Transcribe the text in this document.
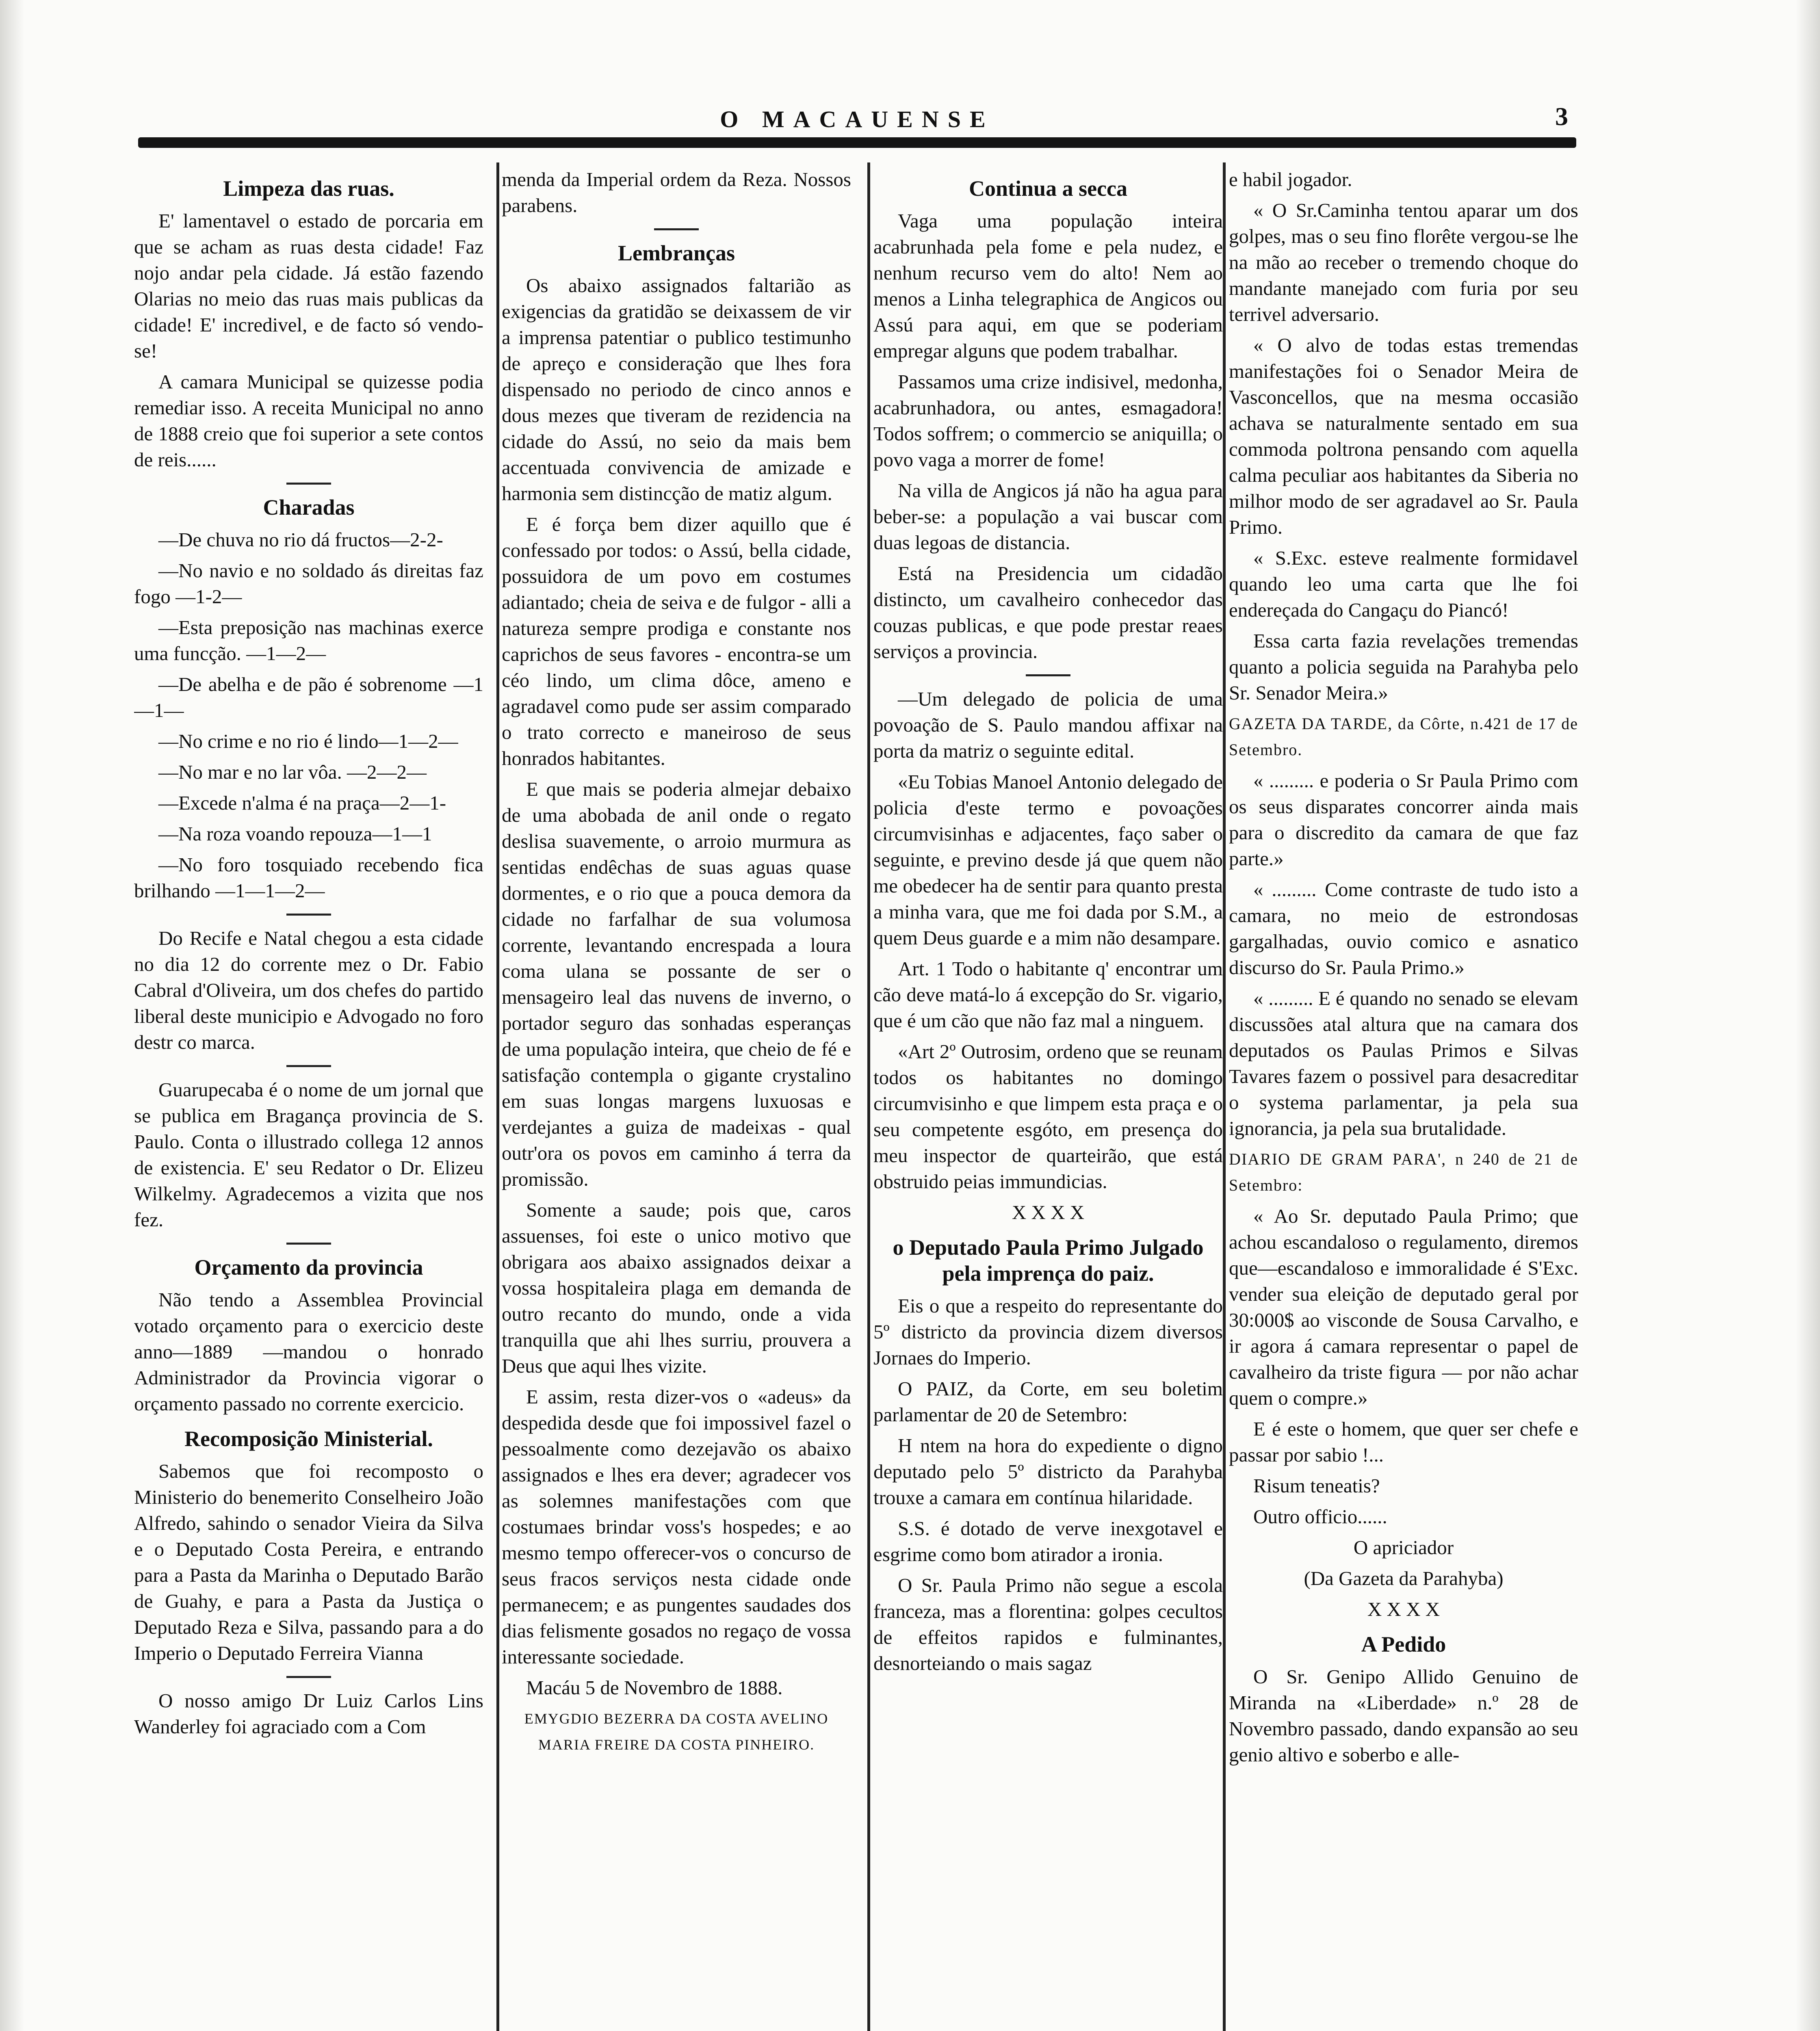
O MACAUENSE	3
Limpeza das ruas.

E' lamentavel o estado de porcaria em que se acham as ruas desta cidade! Faz nojo andar pela cidade. Já estão fazendo Olarias no meio das ruas mais publicas da cidade! E' incredivel, e de facto só vendo-se!

A camara Municipal se quizesse podia remediar isso. A receita Municipal no anno de 1888 creio que foi superior a sete contos de reis......

Charadas

—De chuva no rio dá fructos—2-2-

—No navio e no soldado ás direitas faz fogo —1-2—

—Esta preposição nas machinas exerce uma funcção. —1—2—

—De abelha e de pão é sobrenome —1—1—

—No crime e no rio é lindo—1—2—

—No mar e no lar vôa. —2—2—

—Excede n'alma é na praça—2—1-

—Na roza voando repouza—1—1

—No foro tosquiado recebendo fica brilhando —1—1—2—

Do Recife e Natal chegou a esta cidade no dia 12 do corrente mez o Dr. Fabio Cabral d'Oliveira, um dos chefes do partido liberal deste municipio e Advogado no foro destr co marca.

Guarupecaba é o nome de um jornal que se publica em Bragança provincia de S. Paulo. Conta o illustrado collega 12 annos de existencia. E' seu Redator o Dr. Elizeu Wilkelmy. Agradecemos a vizita que nos fez.

Orçamento da provincia

Não tendo a Assemblea Provincial votado orçamento para o exercicio deste anno—1889 —mandou o honrado Administrador da Provincia vigorar o orçamento passado no corrente exercicio.

Recomposição Ministerial.

Sabemos que foi recomposto o Ministerio do benemerito Conselheiro João Alfredo, sahindo o senador Vieira da Silva e o Deputado Costa Pereira, e entrando para a Pasta da Marinha o Deputado Barão de Guahy, e para a Pasta da Justiça o Deputado Reza e Silva, passando para a do Imperio o Deputado Ferreira Vianna

O nosso amigo Dr Luiz Carlos Lins Wanderley foi agraciado com a Com

menda da Imperial ordem da Reza. Nossos parabens.

Lembranças

Os abaixo assignados faltarião as exigencias da gratidão se deixassem de vir a imprensa patentiar o publico testimunho de apreço e consideração que lhes fora dispensado no periodo de cinco annos e dous mezes que tiveram de rezidencia na cidade do Assú, no seio da mais bem accentuada convivencia de amizade e harmonia sem distincção de matiz algum.

E é força bem dizer aquillo que é confessado por todos: o Assú, bella cidade, possuidora de um povo em costumes adiantado; cheia de seiva e de fulgor - alli a natureza sempre prodiga e constante nos caprichos de seus favores - encontra-se um céo lindo, um clima dôce, ameno e agradavel como pude ser assim comparado o trato correcto e maneiroso de seus honrados habitantes.

E que mais se poderia almejar debaixo de uma abobada de anil onde o regato deslisa suavemente, o arroio murmura as sentidas endêchas de suas aguas quase dormentes, e o rio que a pouca demora da cidade no farfalhar de sua volumosa corrente, levantando encrespada a loura coma ulana se possante de ser o mensageiro leal das nuvens de inverno, o portador seguro das sonhadas esperanças de uma população inteira, que cheio de fé e satisfação contempla o gigante crystalino em suas longas margens luxuosas e verdejantes a guiza de madeixas - qual outr'ora os povos em caminho á terra da promissão.

Somente a saude; pois que, caros assuenses, foi este o unico motivo que obrigara aos abaixo assignados deixar a vossa hospitaleira plaga em demanda de outro recanto do mundo, onde a vida tranquilla que ahi lhes surriu, prouvera a Deus que aqui lhes vizite.

E assim, resta dizer-vos o «adeus» da despedida desde que foi impossivel fazel o pessoalmente como dezejavão os abaixo assignados e lhes era dever; agradecer vos as solemnes manifestações com que costumaes brindar voss's hospedes; e ao mesmo tempo offerecer-vos o concurso de seus fracos serviços nesta cidade onde permanecem; e as pungentes saudades dos dias felismente gosados no regaço de vossa interessante sociedade.

Macáu 5 de Novembro de 1888.

EMYGDIO BEZERRA DA COSTA AVELINO MARIA FREIRE DA COSTA PINHEIRO.

Continua a secca

Vaga uma população inteira acabrunhada pela fome e pela nudez, e nenhum recurso vem do alto! Nem ao menos a Linha telegraphica de Angicos ou Assú para aqui, em que se poderiam empregar alguns que podem trabalhar.

Passamos uma crize indisivel, medonha, acabrunhadora, ou antes, esmagadora! Todos soffrem; o commercio se aniquilla; o povo vaga a morrer de fome!

Na villa de Angicos já não ha agua para beber-se: a população a vai buscar com duas legoas de distancia.

Está na Presidencia um cidadão distincto, um cavalheiro conhecedor das couzas publicas, e que pode prestar reaes serviços a provincia.

—Um delegado de policia de uma povoação de S. Paulo mandou affixar na porta da matriz o seguinte edital.

«Eu Tobias Manoel Antonio delegado de policia d'este termo e povoações circumvisinhas e adjacentes, faço saber o seguinte, e previno desde já que quem não me obedecer ha de sentir para quanto presta a minha vara, que me foi dada por S.M., a quem Deus guarde e a mim não desampare.

Art. 1 Todo o habitante q' encontrar um cão deve matá-lo á excepção do Sr. vigario, que é um cão que não faz mal a ninguem.

«Art 2º Outrosim, ordeno que se reunam todos os habitantes no domingo circumvisinho e que limpem esta praça e o seu competente esgóto, em presença do meu inspector de quarteirão, que está obstruido peias immundicias.

X X X X

o Deputado Paula Primo Julgado pela imprença do paiz.

Eis o que a respeito do representante do 5º districto da provincia dizem diversos Jornaes do Imperio.

O PAIZ, da Corte, em seu boletim parlamentar de 20 de Setembro:

H ntem na hora do expediente o digno deputado pelo 5º districto da Parahyba trouxe a camara em contínua hilaridade.

S.S. é dotado de verve inexgotavel e esgrime como bom atirador a ironia.

O Sr. Paula Primo não segue a escola franceza, mas a florentina: golpes cecultos de effeitos rapidos e fulminantes, desnorteiando o mais sagaz

e habil jogador.

« O Sr.Caminha tentou aparar um dos golpes, mas o seu fino florête vergou-se lhe na mão ao receber o tremendo choque do mandante manejado com furia por seu terrivel adversario.

« O alvo de todas estas tremendas manifestações foi o Senador Meira de Vasconcellos, que na mesma occasião achava se naturalmente sentado em sua commoda poltrona pensando com aquella calma peculiar aos habitantes da Siberia no milhor modo de ser agradavel ao Sr. Paula Primo.

« S.Exc. esteve realmente formidavel quando leo uma carta que lhe foi endereçada do Cangaçu do Piancó!

Essa carta fazia revelações tremendas quanto a policia seguida na Parahyba pelo Sr. Senador Meira.»

GAZETA DA TARDE, da Côrte, n.421 de 17 de Setembro.

« ......... e poderia o Sr Paula Primo com os seus disparates concorrer ainda mais para o discredito da camara de que faz parte.»

« ......... Come contraste de tudo isto a camara, no meio de estrondosas gargalhadas, ouvio comico e asnatico discurso do Sr. Paula Primo.»

« ......... E é quando no senado se elevam discussões atal altura que na camara dos deputados os Paulas Primos e Silvas Tavares fazem o possivel para desacreditar o systema parlamentar, ja pela sua ignorancia, ja pela sua brutalidade.

DIARIO DE GRAM PARA', n 240 de 21 de Setembro:

« Ao Sr. deputado Paula Primo; que achou escandaloso o regulamento, diremos que—escandaloso e immoralidade é S'Exc. vender sua eleição de deputado geral por 30:000$ ao visconde de Sousa Carvalho, e ir agora á camara representar o papel de cavalheiro da triste figura — por não achar quem o compre.»

E é este o homem, que quer ser chefe e passar por sabio !...

Risum teneatis?

Outro officio......

O apriciador

(Da Gazeta da Parahyba)

X X X X

A Pedido

O Sr. Genipo Allido Genuino de Miranda na «Liberdade» n.º 28 de Novembro passado, dando expansão ao seu genio altivo e soberbo e alle-
